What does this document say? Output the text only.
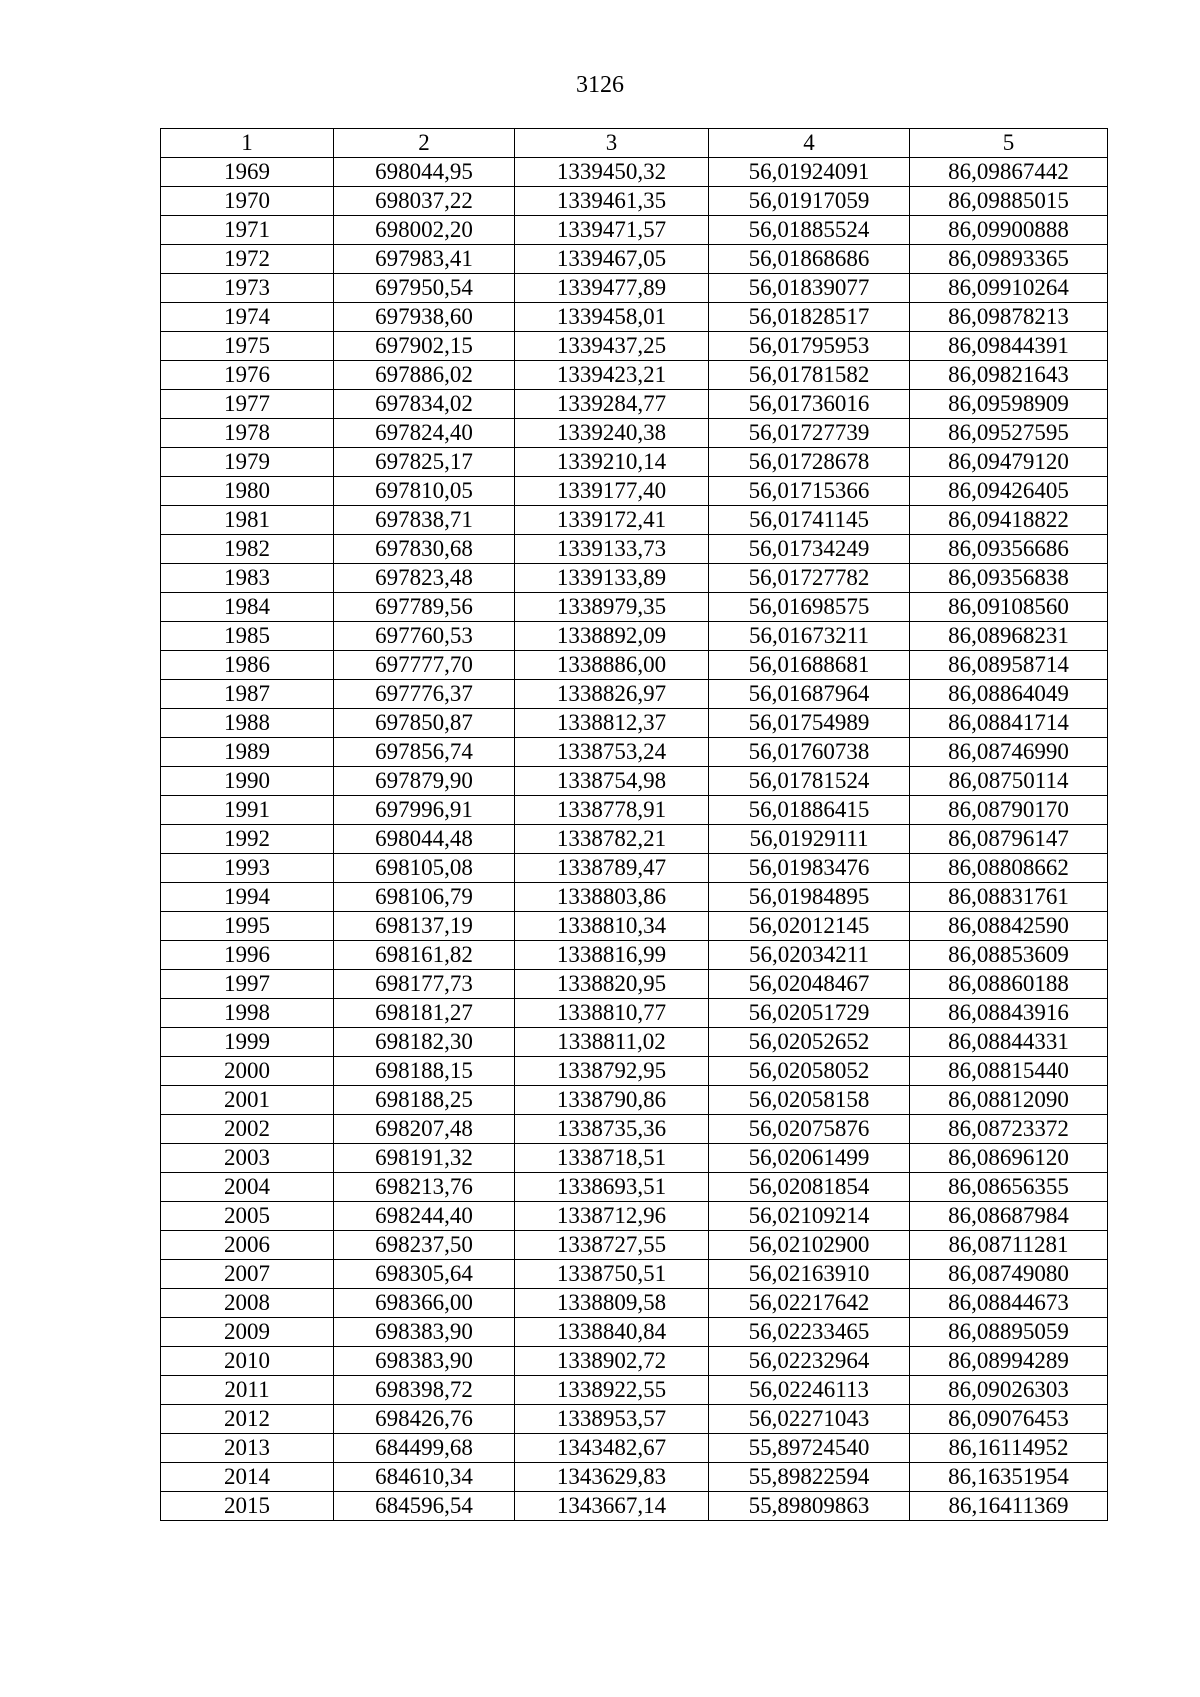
3126
1	2	3	4	5
1969	698044,95	1339450,32	56,01924091	86,09867442
1970	698037,22	1339461,35	56,01917059	86,09885015
1971	698002,20	1339471,57	56,01885524	86,09900888
1972	697983,41	1339467,05	56,01868686	86,09893365
1973	697950,54	1339477,89	56,01839077	86,09910264
1974	697938,60	1339458,01	56,01828517	86,09878213
1975	697902,15	1339437,25	56,01795953	86,09844391
1976	697886,02	1339423,21	56,01781582	86,09821643
1977	697834,02	1339284,77	56,01736016	86,09598909
1978	697824,40	1339240,38	56,01727739	86,09527595
1979	697825,17	1339210,14	56,01728678	86,09479120
1980	697810,05	1339177,40	56,01715366	86,09426405
1981	697838,71	1339172,41	56,01741145	86,09418822
1982	697830,68	1339133,73	56,01734249	86,09356686
1983	697823,48	1339133,89	56,01727782	86,09356838
1984	697789,56	1338979,35	56,01698575	86,09108560
1985	697760,53	1338892,09	56,01673211	86,08968231
1986	697777,70	1338886,00	56,01688681	86,08958714
1987	697776,37	1338826,97	56,01687964	86,08864049
1988	697850,87	1338812,37	56,01754989	86,08841714
1989	697856,74	1338753,24	56,01760738	86,08746990
1990	697879,90	1338754,98	56,01781524	86,08750114
1991	697996,91	1338778,91	56,01886415	86,08790170
1992	698044,48	1338782,21	56,01929111	86,08796147
1993	698105,08	1338789,47	56,01983476	86,08808662
1994	698106,79	1338803,86	56,01984895	86,08831761
1995	698137,19	1338810,34	56,02012145	86,08842590
1996	698161,82	1338816,99	56,02034211	86,08853609
1997	698177,73	1338820,95	56,02048467	86,08860188
1998	698181,27	1338810,77	56,02051729	86,08843916
1999	698182,30	1338811,02	56,02052652	86,08844331
2000	698188,15	1338792,95	56,02058052	86,08815440
2001	698188,25	1338790,86	56,02058158	86,08812090
2002	698207,48	1338735,36	56,02075876	86,08723372
2003	698191,32	1338718,51	56,02061499	86,08696120
2004	698213,76	1338693,51	56,02081854	86,08656355
2005	698244,40	1338712,96	56,02109214	86,08687984
2006	698237,50	1338727,55	56,02102900	86,08711281
2007	698305,64	1338750,51	56,02163910	86,08749080
2008	698366,00	1338809,58	56,02217642	86,08844673
2009	698383,90	1338840,84	56,02233465	86,08895059
2010	698383,90	1338902,72	56,02232964	86,08994289
2011	698398,72	1338922,55	56,02246113	86,09026303
2012	698426,76	1338953,57	56,02271043	86,09076453
2013	684499,68	1343482,67	55,89724540	86,16114952
2014	684610,34	1343629,83	55,89822594	86,16351954
2015	684596,54	1343667,14	55,89809863	86,16411369
